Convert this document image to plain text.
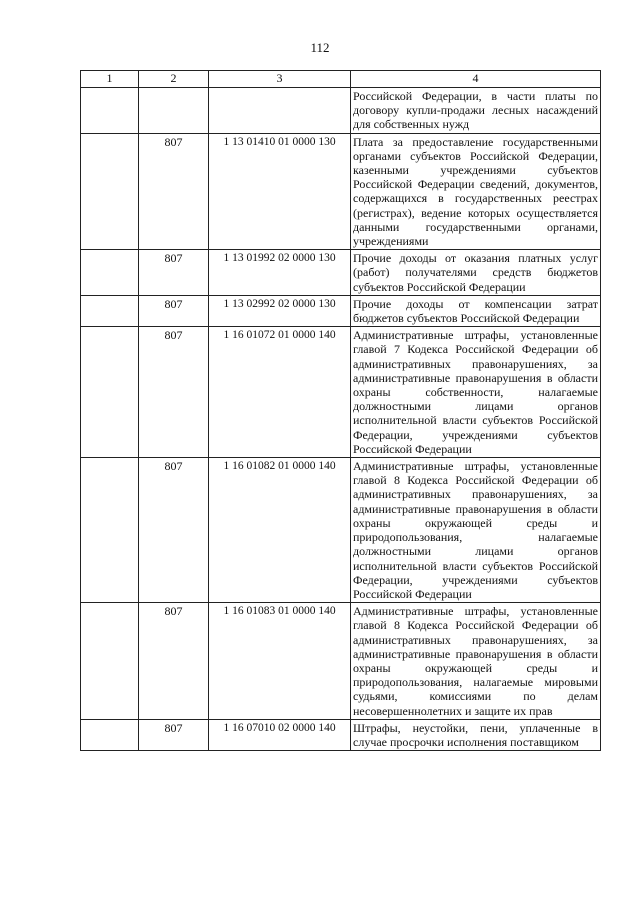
112
1	2	3	4
			Российской Федерации, в части платы по договору купли-продажи лесных насаждений для собственных нужд
	807	1 13 01410 01 0000 130	Плата за предоставление государственными органами субъектов Российской Федерации, казенными учреждениями субъектов Российской Федерации сведений, документов, содержащихся в государственных реестрах (регистрах), ведение которых осуществляется данными государственными органами, учреждениями
	807	1 13 01992 02 0000 130	Прочие доходы от оказания платных услуг (работ) получателями средств бюджетов субъектов Российской Федерации
	807	1 13 02992 02 0000 130	Прочие доходы от компенсации затрат бюджетов субъектов Российской Федерации
	807	1 16 01072 01 0000 140	Административные штрафы, установленные главой 7 Кодекса Российской Федерации об административных правонарушениях, за административные правонарушения в области охраны собственности, налагаемые должностными лицами органов исполнительной власти субъектов Российской Федерации, учреждениями субъектов Российской Федерации
	807	1 16 01082 01 0000 140	Административные штрафы, установленные главой 8 Кодекса Российской Федерации об административных правонарушениях, за административные правонарушения в области охраны окружающей среды и природопользования, налагаемые должностными лицами органов исполнительной власти субъектов Российской Федерации, учреждениями субъектов Российской Федерации
	807	1 16 01083 01 0000 140	Административные штрафы, установленные главой 8 Кодекса Российской Федерации об административных правонарушениях, за административные правонарушения в области охраны окружающей среды и природопользования, налагаемые мировыми судьями, комиссиями по делам несовершеннолетних и защите их прав
	807	1 16 07010 02 0000 140	Штрафы, неустойки, пени, уплаченные в случае просрочки исполнения поставщиком
